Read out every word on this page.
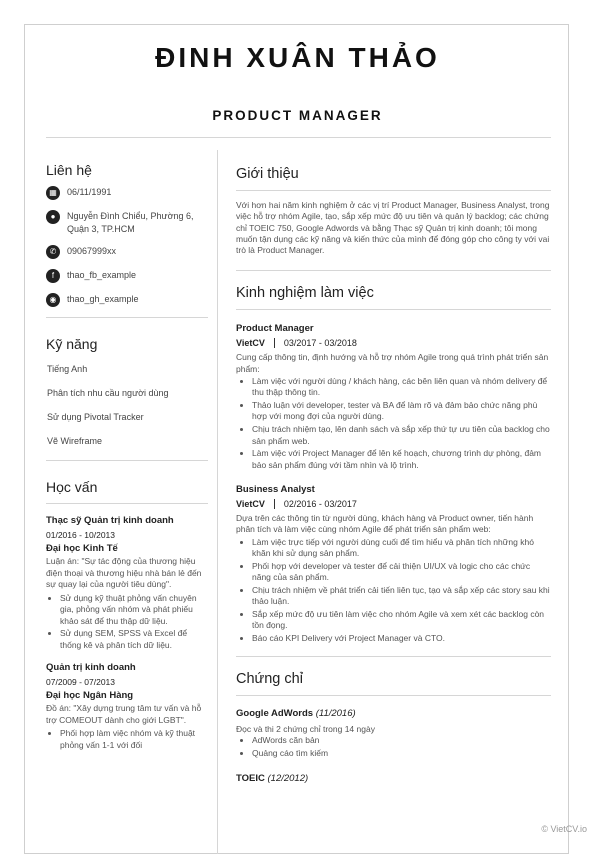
ĐINH XUÂN THẢO
PRODUCT MANAGER
Liên hệ
▦	06/11/1991
●	Nguyễn Đình Chiểu, Phường 6, Quận 3, TP.HCM
✆	09067999xx
f	thao_fb_example
◉	thao_gh_example
Kỹ năng
Tiếng Anh
Phân tích nhu cầu người dùng
Sử dụng Pivotal Tracker
Vẽ Wireframe
Học vấn
Thạc sỹ Quản trị kinh doanh
01/2016 - 10/2013
Đại học Kinh Tế
Luận án: "Sự tác động của thương hiệu điện thoại và thương hiệu nhà bán lẻ đến sự quay lại của người tiêu dùng".
• Sử dụng kỹ thuật phỏng vấn chuyên gia, phỏng vấn nhóm và phát phiếu khảo sát để thu thập dữ liệu.
• Sử dụng SEM, SPSS và Excel để thống kê và phân tích dữ liệu.
Quản trị kinh doanh
07/2009 - 07/2013
Đại học Ngân Hàng
Đồ án: "Xây dựng trung tâm tư vấn và hỗ trợ COMEOUT dành cho giới LGBT".
• Phối hợp làm việc nhóm và kỹ thuật phỏng vấn 1-1 với đối
Giới thiệu
Với hơn hai năm kinh nghiệm ở các vị trí Product Manager, Business Analyst, trong việc hỗ trợ nhóm Agile, tạo, sắp xếp mức độ ưu tiên và quản lý backlog; các chứng chỉ TOEIC 750, Google Adwords và bằng Thạc sỹ Quản trị kinh doanh; tôi mong muốn tận dụng các kỹ năng và kiến thức của mình để đóng góp cho công ty với vai trò là Product Manager.
Kinh nghiệm làm việc
Product Manager
VietCV 03/2017 - 03/2018
Cung cấp thông tin, định hướng và hỗ trợ nhóm Agile trong quá trình phát triển sản phẩm:
• Làm việc với người dùng / khách hàng, các bên liên quan và nhóm delivery để thu thập thông tin.
• Thảo luận với developer, tester và BA để làm rõ và đảm bảo chức năng phù hợp với mong đợi của người dùng.
• Chịu trách nhiệm tạo, lên danh sách và sắp xếp thứ tự ưu tiên của backlog cho sản phẩm web.
• Làm việc với Project Manager để lên kế hoạch, chương trình dự phòng, đảm bảo sản phẩm đúng với tầm nhìn và lộ trình.
Business Analyst
VietCV 02/2016 - 03/2017
Dựa trên các thông tin từ người dùng, khách hàng và Product owner, tiến hành phân tích và làm việc cùng nhóm Agile để phát triển sản phẩm web:
• Làm việc trực tiếp với người dùng cuối để tìm hiểu và phân tích những khó khăn khi sử dụng sản phẩm.
• Phối hợp với developer và tester để cải thiện UI/UX và logic cho các chức năng của sản phẩm.
• Chịu trách nhiệm về phát triển cải tiến liên tục, tạo và sắp xếp các story sau khi thảo luận.
• Sắp xếp mức độ ưu tiên làm việc cho nhóm Agile và xem xét các backlog còn tồn đọng.
• Báo cáo KPI Delivery với Project Manager và CTO.
Chứng chỉ
Google AdWords (11/2016)
Đọc và thi 2 chứng chỉ trong 14 ngày
• AdWords căn bản
• Quảng cáo tìm kiếm
TOEIC (12/2012)
© VietCV.io
